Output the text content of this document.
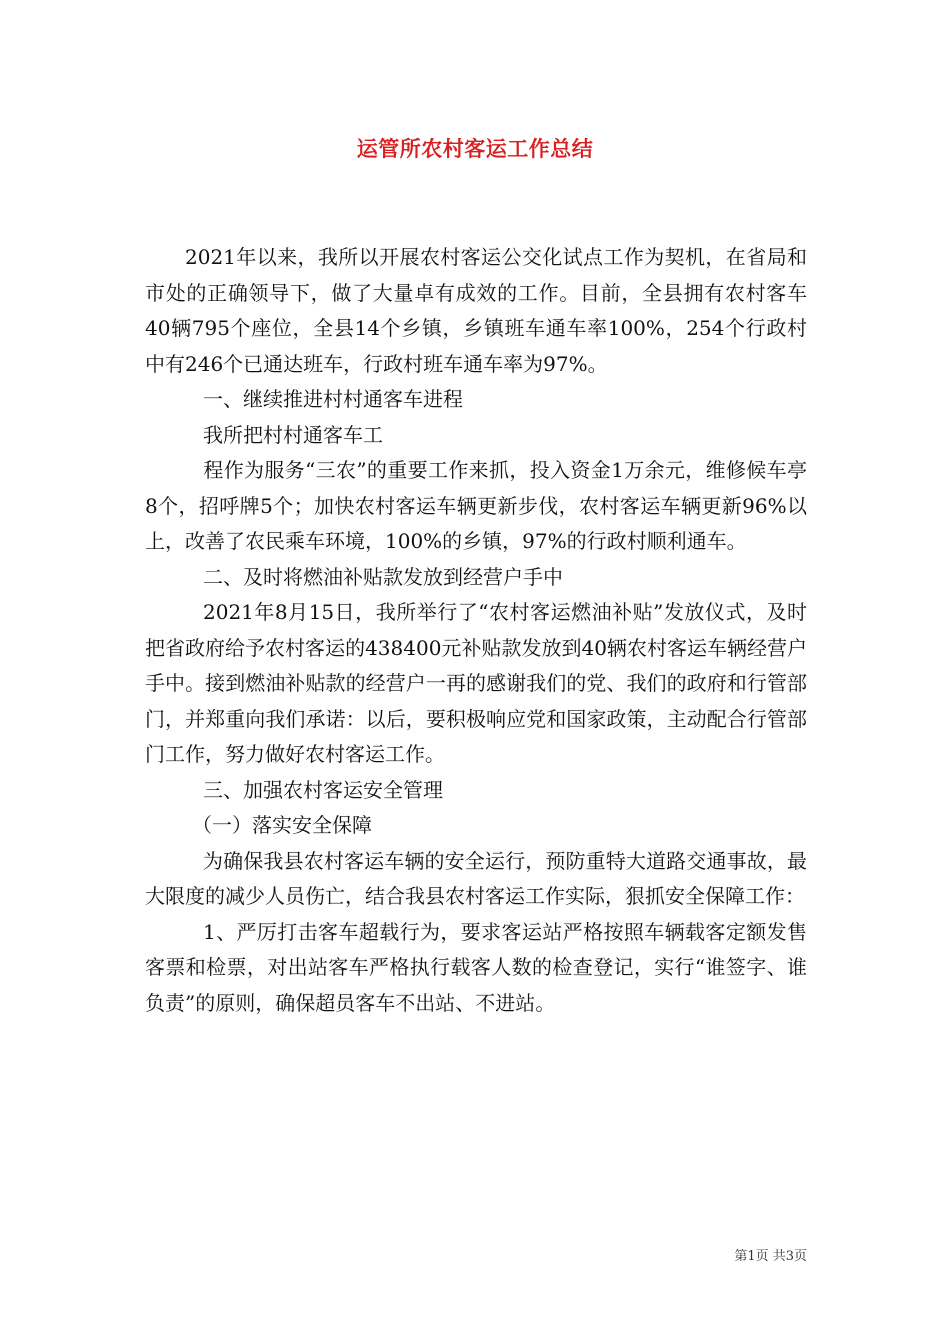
运管所农村客运工作总结

2021年以来，我所以开展农村客运公交化试点工作为契机，在省局和市处的正确领导下，做了大量卓有成效的工作。目前，全县拥有农村客车40辆795个座位，全县14个乡镇，乡镇班车通车率100%，254个行政村中有246个已通达班车，行政村班车通车率为97%。

一、继续推进村村通客车进程

我所把村村通客车工

程作为服务“三农”的重要工作来抓，投入资金1万余元，维修候车亭8个，招呼牌5个；加快农村客运车辆更新步伐，农村客运车辆更新96%以上，改善了农民乘车环境，100%的乡镇，97%的行政村顺利通车。

二、及时将燃油补贴款发放到经营户手中

2021年8月15日，我所举行了“农村客运燃油补贴”发放仪式，及时把省政府给予农村客运的438400元补贴款发放到40辆农村客运车辆经营户手中。接到燃油补贴款的经营户一再的感谢我们的党、我们的政府和行管部门，并郑重向我们承诺：以后，要积极响应党和国家政策，主动配合行管部门工作，努力做好农村客运工作。

三、加强农村客运安全管理

（一）落实安全保障

为确保我县农村客运车辆的安全运行，预防重特大道路交通事故，最大限度的减少人员伤亡，结合我县农村客运工作实际，狠抓安全保障工作：

1、严厉打击客车超载行为，要求客运站严格按照车辆载客定额发售客票和检票，对出站客车严格执行载客人数的检查登记，实行“谁签字、谁负责”的原则，确保超员客车不出站、不进站。

第1页 共3页
